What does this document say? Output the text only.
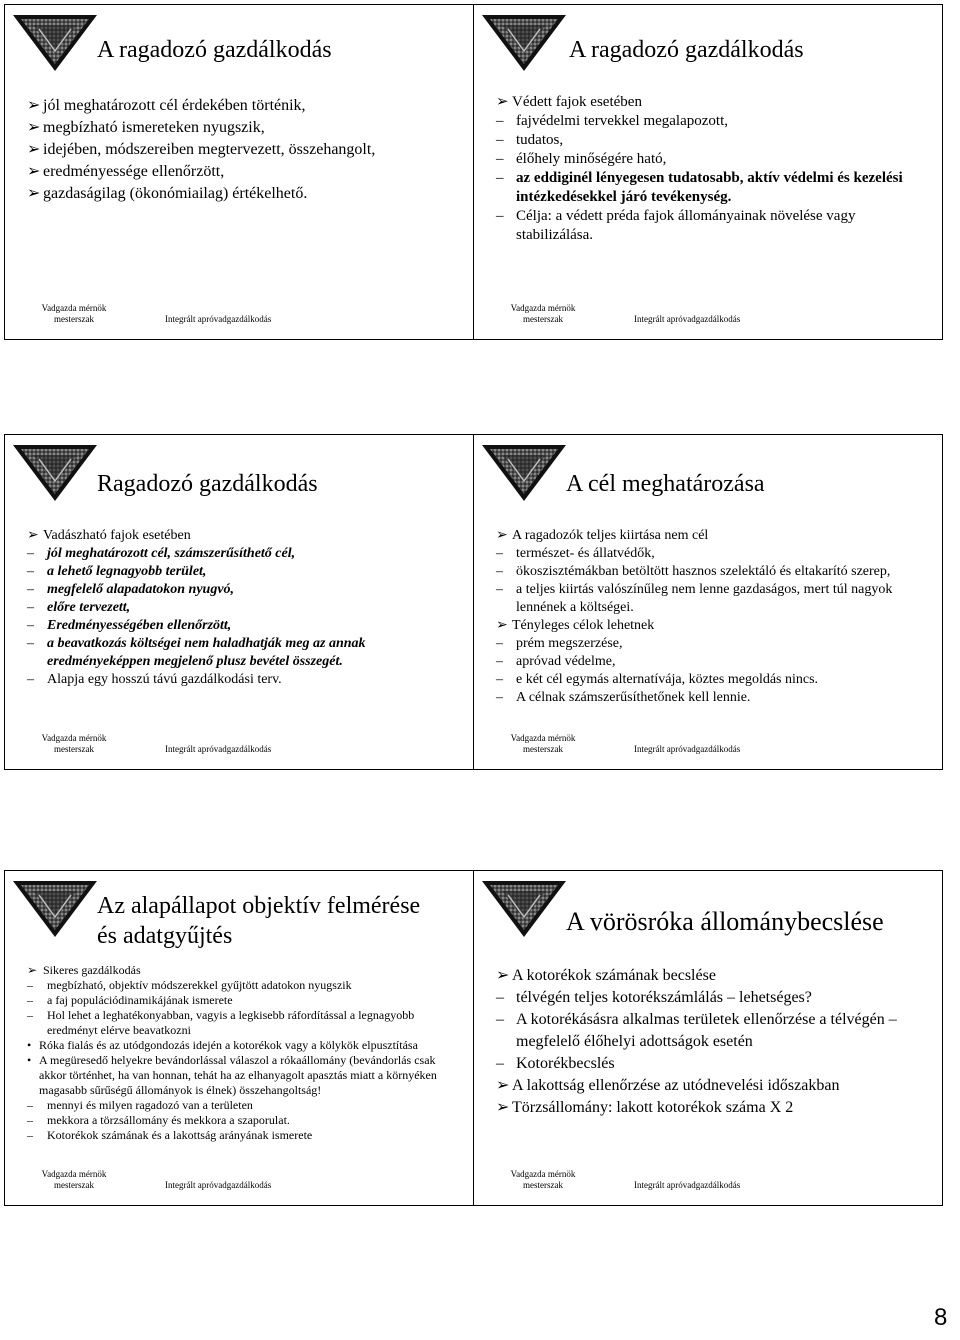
A ragadozó gazdálkodás
➢ jól meghatározott cél érdekében történik,
➢ megbízható ismereteken nyugszik,
➢ idejében, módszereiben megtervezett, összehangolt,
➢ eredményessége ellenőrzött,
➢ gazdaságilag (ökonómiailag) értékelhető.
Vadgazda mérnök mesterszak	Integrált apróvadgazdálkodás
A ragadozó gazdálkodás
➢ Védett fajok esetében
– fajvédelmi tervekkel megalapozott,
– tudatos,
– élőhely minőségére ható,
– az eddiginél lényegesen tudatosabb, aktív védelmi és kezelési intézkedésekkel járó tevékenység.
– Célja: a védett préda fajok állományainak növelése vagy stabilizálása.
Vadgazda mérnök mesterszak	Integrált apróvadgazdálkodás
Ragadozó gazdálkodás
➢ Vadászható fajok esetében
– jól meghatározott cél, számszerűsíthető cél,
– a lehető legnagyobb terület,
– megfelelő alapadatokon nyugvó,
– előre tervezett,
– Eredményességében ellenőrzött,
– a beavatkozás költségei nem haladhatják meg az annak eredményeképpen megjelenő plusz bevétel összegét.
– Alapja egy hosszú távú gazdálkodási terv.
Vadgazda mérnök mesterszak	Integrált apróvadgazdálkodás
A cél meghatározása
➢ A ragadozók teljes kiirtása nem cél
– természet- és állatvédők,
– ökoszisztémákban betöltött hasznos szelektáló és eltakarító szerep,
– a teljes kiirtás valószínűleg nem lenne gazdaságos, mert túl nagyok lennének a költségei.
➢ Tényleges célok lehetnek
– prém megszerzése,
– apróvad védelme,
– e két cél egymás alternatívája, köztes megoldás nincs.
– A célnak számszerűsíthetőnek kell lennie.
Vadgazda mérnök mesterszak	Integrált apróvadgazdálkodás
Az alapállapot objektív felmérése
és adatgyűjtés
➢ Sikeres gazdálkodás
– megbízható, objektív módszerekkel gyűjtött adatokon nyugszik
– a faj populációdinamikájának ismerete
– Hol lehet a leghatékonyabban, vagyis a legkisebb ráfordítással a legnagyobb eredményt elérve beavatkozni
• Róka fialás és az utódgondozás idején a kotorékok vagy a kölykök elpusztítása
• A megüresedő helyekre bevándorlással válaszol a rókaállomány (bevándorlás csak akkor történhet, ha van honnan, tehát ha az elhanyagolt apasztás miatt a környéken magasabb sűrűségű állományok is élnek) összehangoltság!
– mennyi és milyen ragadozó van a területen
– mekkora a törzsállomány és mekkora a szaporulat.
– Kotorékok számának és a lakottság arányának ismerete
Vadgazda mérnök mesterszak	Integrált apróvadgazdálkodás
A vörösróka állománybecslése
➢ A kotorékok számának becslése
– télvégén teljes kotorékszámlálás – lehetséges?
– A kotorékásásra alkalmas területek ellenőrzése a télvégén – megfelelő élőhelyi adottságok esetén
– Kotorékbecslés
➢ A lakottság ellenőrzése az utódnevelési időszakban
➢ Törzsállomány: lakott kotorékok száma X 2
Vadgazda mérnök mesterszak	Integrált apróvadgazdálkodás
8
